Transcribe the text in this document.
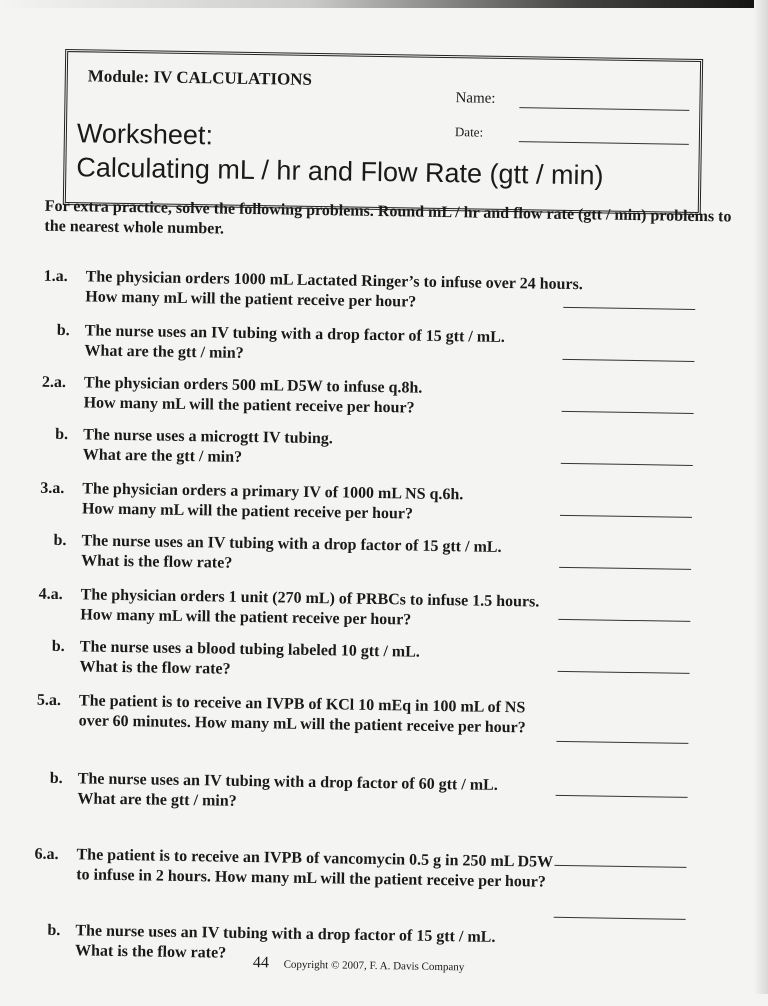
Module: IV CALCULATIONS
Name:
Date:
Worksheet:
Calculating mL / hr and Flow Rate (gtt / min)
For extra practice, solve the following problems. Round mL / hr and flow rate (gtt / min) problems to the nearest whole number.
1.a. The physician orders 1000 mL Lactated Ringer’s to infuse over 24 hours.
How many mL will the patient receive per hour?
b. The nurse uses an IV tubing with a drop factor of 15 gtt / mL.
What are the gtt / min?
2.a. The physician orders 500 mL D5W to infuse q.8h.
How many mL will the patient receive per hour?
b. The nurse uses a microgtt IV tubing.
What are the gtt / min?
3.a. The physician orders a primary IV of 1000 mL NS q.6h.
How many mL will the patient receive per hour?
b. The nurse uses an IV tubing with a drop factor of 15 gtt / mL.
What is the flow rate?
4.a. The physician orders 1 unit (270 mL) of PRBCs to infuse 1.5 hours.
How many mL will the patient receive per hour?
b. The nurse uses a blood tubing labeled 10 gtt / mL.
What is the flow rate?
5.a. The patient is to receive an IVPB of KCl 10 mEq in 100 mL of NS
over 60 minutes. How many mL will the patient receive per hour?
b. The nurse uses an IV tubing with a drop factor of 60 gtt / mL.
What are the gtt / min?
6.a. The patient is to receive an IVPB of vancomycin 0.5 g in 250 mL D5W
to infuse in 2 hours. How many mL will the patient receive per hour?
b. The nurse uses an IV tubing with a drop factor of 15 gtt / mL.
What is the flow rate?
44 Copyright © 2007, F. A. Davis Company
